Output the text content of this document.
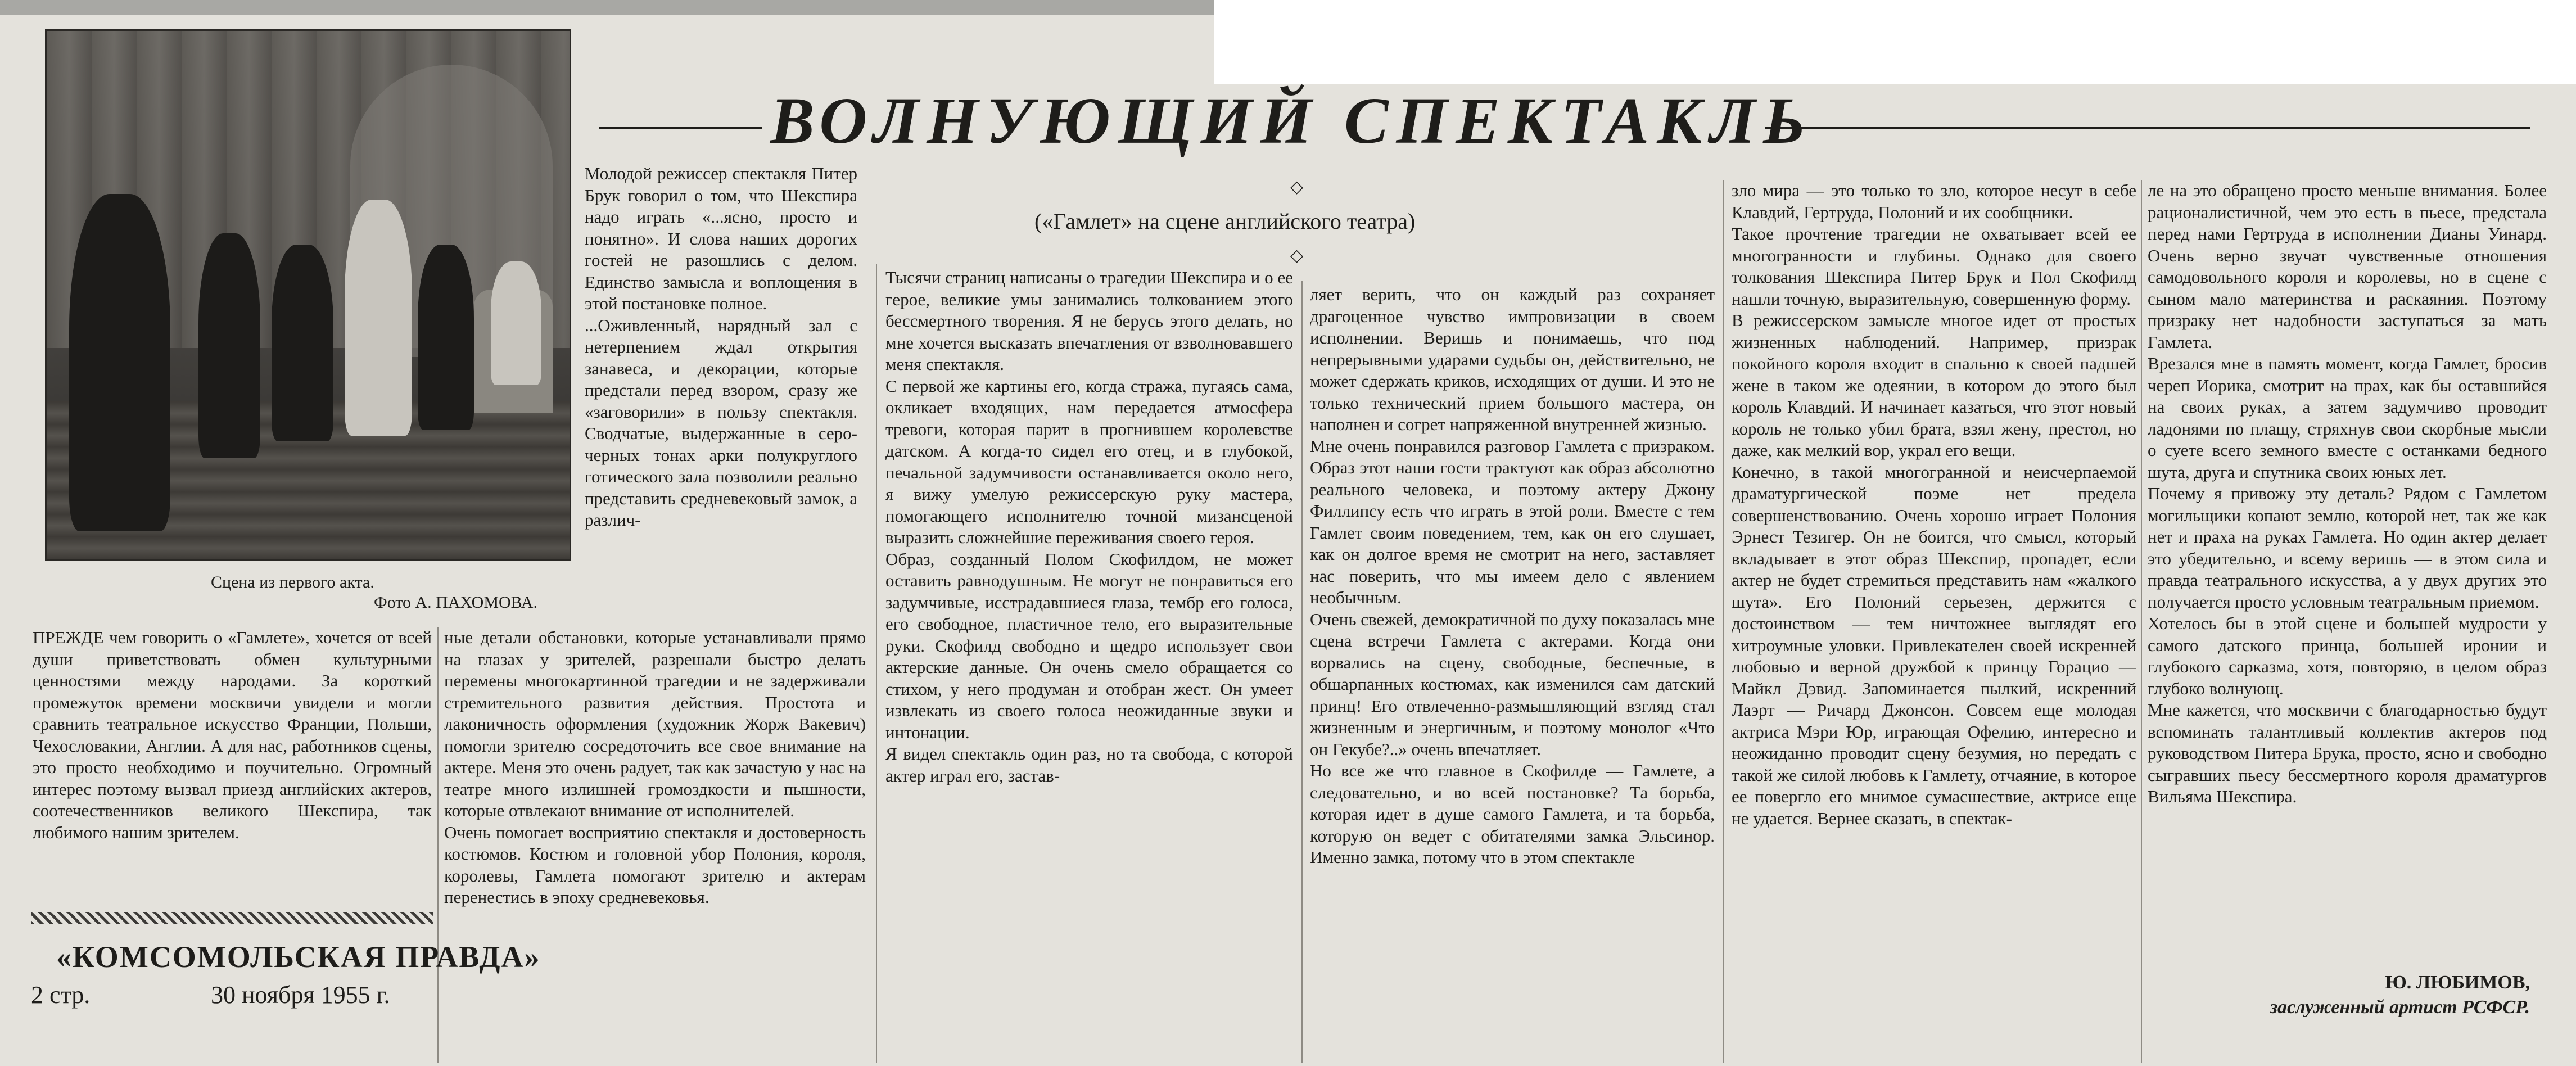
Сцена из первого акта.
Фото А. ПАХОМОВА.
ВОЛНУЮЩИЙ СПЕКТАКЛЬ
◇
(«Гамлет» на сцене английского театра)
◇
Молодой режиссер спектакля Питер Брук говорил о том, что Шекспира надо играть «...ясно, просто и понятно». И слова наших дорогих гостей не разошлись с делом. Единство замысла и воплощения в этой постановке полное.
...Оживленный, нарядный зал с нетерпением ждал открытия занавеса, и декорации, которые предстали перед взором, сразу же «заговорили» в пользу спектакля. Сводчатые, выдержанные в серо-черных тонах арки полукруглого готического зала позволили реально представить средневековый замок, а различ-
ПРЕЖДЕ чем говорить о «Гамлете», хочется от всей души приветствовать обмен культурными ценностями между народами. За короткий промежуток времени москвичи увидели и могли сравнить театральное искусство Франции, Польши, Чехословакии, Англии. А для нас, работников сцены, это просто необходимо и поучительно. Огромный интерес поэтому вызвал приезд английских актеров, соотечественников великого Шекспира, так любимого нашим зрителем.
ные детали обстановки, которые устанавливали прямо на глазах у зрителей, разрешали быстро делать перемены многокартинной трагедии и не задерживали стремительного развития действия. Простота и лаконичность оформления (художник Жорж Вакевич) помогли зрителю сосредоточить все свое внимание на актере. Меня это очень радует, так как зачастую у нас на театре много излишней громоздкости и пышности, которые отвлекают внимание от исполнителей.
Очень помогает восприятию спектакля и достоверность костюмов. Костюм и головной убор Полония, короля, королевы, Гамлета помогают зрителю и актерам перенестись в эпоху средневековья.
Тысячи страниц написаны о трагедии Шекспира и о ее герое, великие умы занимались толкованием этого бессмертного творения. Я не берусь этого делать, но мне хочется высказать впечатления от взволновавшего меня спектакля.
С первой же картины его, когда стража, пугаясь сама, окликает входящих, нам передается атмосфера тревоги, которая парит в прогнившем королевстве датском. А когда-то сидел его отец, и в глубокой, печальной задумчивости останавливается около него, я вижу умелую режиссерскую руку мастера, помогающего исполнителю точной мизансценой выразить сложнейшие переживания своего героя.
Образ, созданный Полом Скофилдом, не может оставить равнодушным. Не могут не понравиться его задумчивые, исстрадавшиеся глаза, тембр его голоса, его свободное, пластичное тело, его выразительные руки. Скофилд свободно и щедро использует свои актерские данные. Он очень смело обращается со стихом, у него продуман и отобран жест. Он умеет извлекать из своего голоса неожиданные звуки и интонации.
Я видел спектакль один раз, но та свобода, с которой актер играл его, застав-
ляет верить, что он каждый раз сохраняет драгоценное чувство импровизации в своем исполнении. Веришь и понимаешь, что под непрерывными ударами судьбы он, действительно, не может сдержать криков, исходящих от души. И это не только технический прием большого мастера, он наполнен и согрет напряженной внутренней жизнью.
Мне очень понравился разговор Гамлета с призраком. Образ этот наши гости трактуют как образ абсолютно реального человека, и поэтому актеру Джону Филлипсу есть что играть в этой роли. Вместе с тем Гамлет своим поведением, тем, как он его слушает, как он долгое время не смотрит на него, заставляет нас поверить, что мы имеем дело с явлением необычным.
Очень свежей, демократичной по духу показалась мне сцена встречи Гамлета с актерами. Когда они ворвались на сцену, свободные, беспечные, в обшарпанных костюмах, как изменился сам датский принц! Его отвлеченно-размышляющий взгляд стал жизненным и энергичным, и поэтому монолог «Что он Гекубе?..» очень впечатляет.
Но все же что главное в Скофилде — Гамлете, а следовательно, и во всей постановке? Та борьба, которая идет в душе самого Гамлета, и та борьба, которую он ведет с обитателями замка Эльсинор. Именно замка, потому что в этом спектакле
зло мира — это только то зло, которое несут в себе Клавдий, Гертруда, Полоний и их сообщники.
Такое прочтение трагедии не охватывает всей ее многогранности и глубины. Однако для своего толкования Шекспира Питер Брук и Пол Скофилд нашли точную, выразительную, совершенную форму.
В режиссерском замысле многое идет от простых жизненных наблюдений. Например, призрак покойного короля входит в спальню к своей падшей жене в таком же одеянии, в котором до этого был король Клавдий. И начинает казаться, что этот новый король не только убил брата, взял жену, престол, но даже, как мелкий вор, украл его вещи.
Конечно, в такой многогранной и неисчерпаемой драматургической поэме нет предела совершенствованию. Очень хорошо играет Полония Эрнест Тезигер. Он не боится, что смысл, который вкладывает в этот образ Шекспир, пропадет, если актер не будет стремиться представить нам «жалкого шута». Его Полоний серьезен, держится с достоинством — тем ничтожнее выглядят его хитроумные уловки. Привлекателен своей искренней любовью и верной дружбой к принцу Горацио — Майкл Дэвид. Запоминается пылкий, искренний Лаэрт — Ричард Джонсон. Совсем еще молодая актриса Мэри Юр, играющая Офелию, интересно и неожиданно проводит сцену безумия, но передать с такой же силой любовь к Гамлету, отчаяние, в которое ее повергло его мнимое сумасшествие, актрисе еще не удается. Вернее сказать, в спектак-
ле на это обращено просто меньше внимания. Более рационалистичной, чем это есть в пьесе, предстала перед нами Гертруда в исполнении Дианы Уинард. Очень верно звучат чувственные отношения самодовольного короля и королевы, но в сцене с сыном мало материнства и раскаяния. Поэтому призраку нет надобности заступаться за мать Гамлета.
Врезался мне в память момент, когда Гамлет, бросив череп Иорика, смотрит на прах, как бы оставшийся на своих руках, а затем задумчиво проводит ладонями по плащу, стряхнув свои скорбные мысли о суете всего земного вместе с останками бедного шута, друга и спутника своих юных лет.
Почему я привожу эту деталь? Рядом с Гамлетом могильщики копают землю, которой нет, так же как нет и праха на руках Гамлета. Но один актер делает это убедительно, и всему веришь — в этом сила и правда театрального искусства, а у двух других это получается просто условным театральным приемом.
Хотелось бы в этой сцене и большей мудрости у самого датского принца, большей иронии и глубокого сарказма, хотя, повторяю, в целом образ глубоко волнующ.
Мне кажется, что москвичи с благодарностью будут вспоминать талантливый коллектив актеров под руководством Питера Брука, просто, ясно и свободно сыгравших пьесу бессмертного короля драматургов Вильяма Шекспира.
«КОМСОМОЛЬСКАЯ ПРАВДА»
2 стр.	30 ноября 1955 г.	Ю. ЛЮБИМОВ,
заслуженный артист РСФСР.
